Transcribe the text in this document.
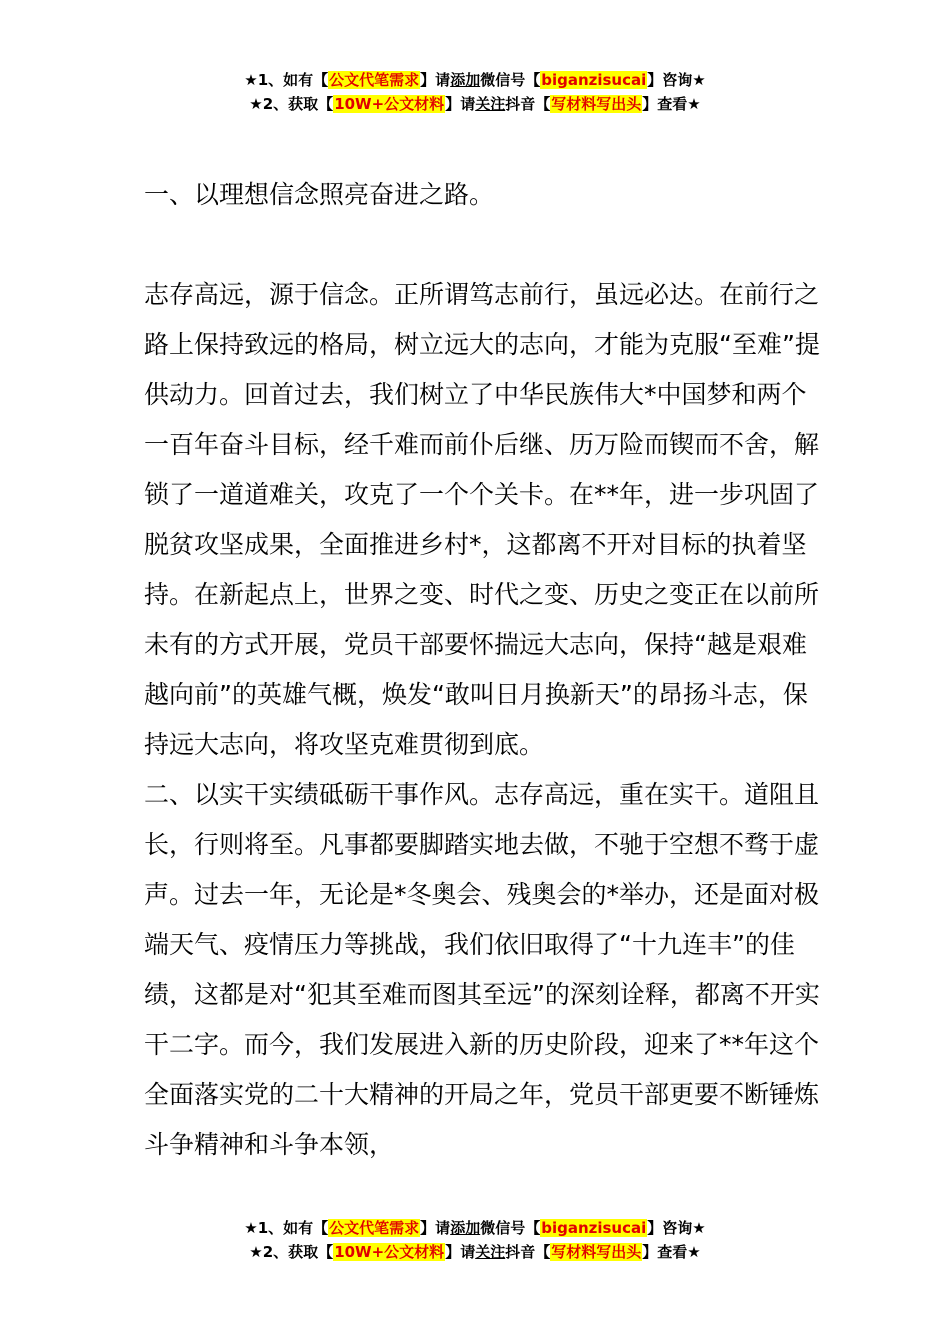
★1、如有【公文代笔需求】请添加微信号【biganzisucai】咨询★
★2、获取【10W+公文材料】请关注抖音【写材料写出头】查看★

一、以理想信念照亮奋进之路。

志存高远，源于信念。正所谓笃志前行，虽远必达。在前行之路上保持致远的格局，树立远大的志向，才能为克服“至难”提供动力。回首过去，我们树立了中华民族伟大*中国梦和两个一百年奋斗目标，经千难而前仆后继、历万险而锲而不舍，解锁了一道道难关，攻克了一个个关卡。在**年，进一步巩固了脱贫攻坚成果，全面推进乡村*，这都离不开对目标的执着坚持。在新起点上，世界之变、时代之变、历史之变正在以前所未有的方式开展，党员干部要怀揣远大志向，保持“越是艰难越向前”的英雄气概，焕发“敢叫日月换新天”的昂扬斗志，保持远大志向，将攻坚克难贯彻到底。

二、以实干实绩砥砺干事作风。志存高远，重在实干。道阻且长，行则将至。凡事都要脚踏实地去做，不驰于空想不骛于虚声。过去一年，无论是*冬奥会、残奥会的*举办，还是面对极端天气、疫情压力等挑战，我们依旧取得了“十九连丰”的佳绩，这都是对“犯其至难而图其至远”的深刻诠释，都离不开实干二字。而今，我们发展进入新的历史阶段，迎来了**年这个全面落实党的二十大精神的开局之年，党员干部更要不断锤炼斗争精神和斗争本领，

★1、如有【公文代笔需求】请添加微信号【biganzisucai】咨询★
★2、获取【10W+公文材料】请关注抖音【写材料写出头】查看★
